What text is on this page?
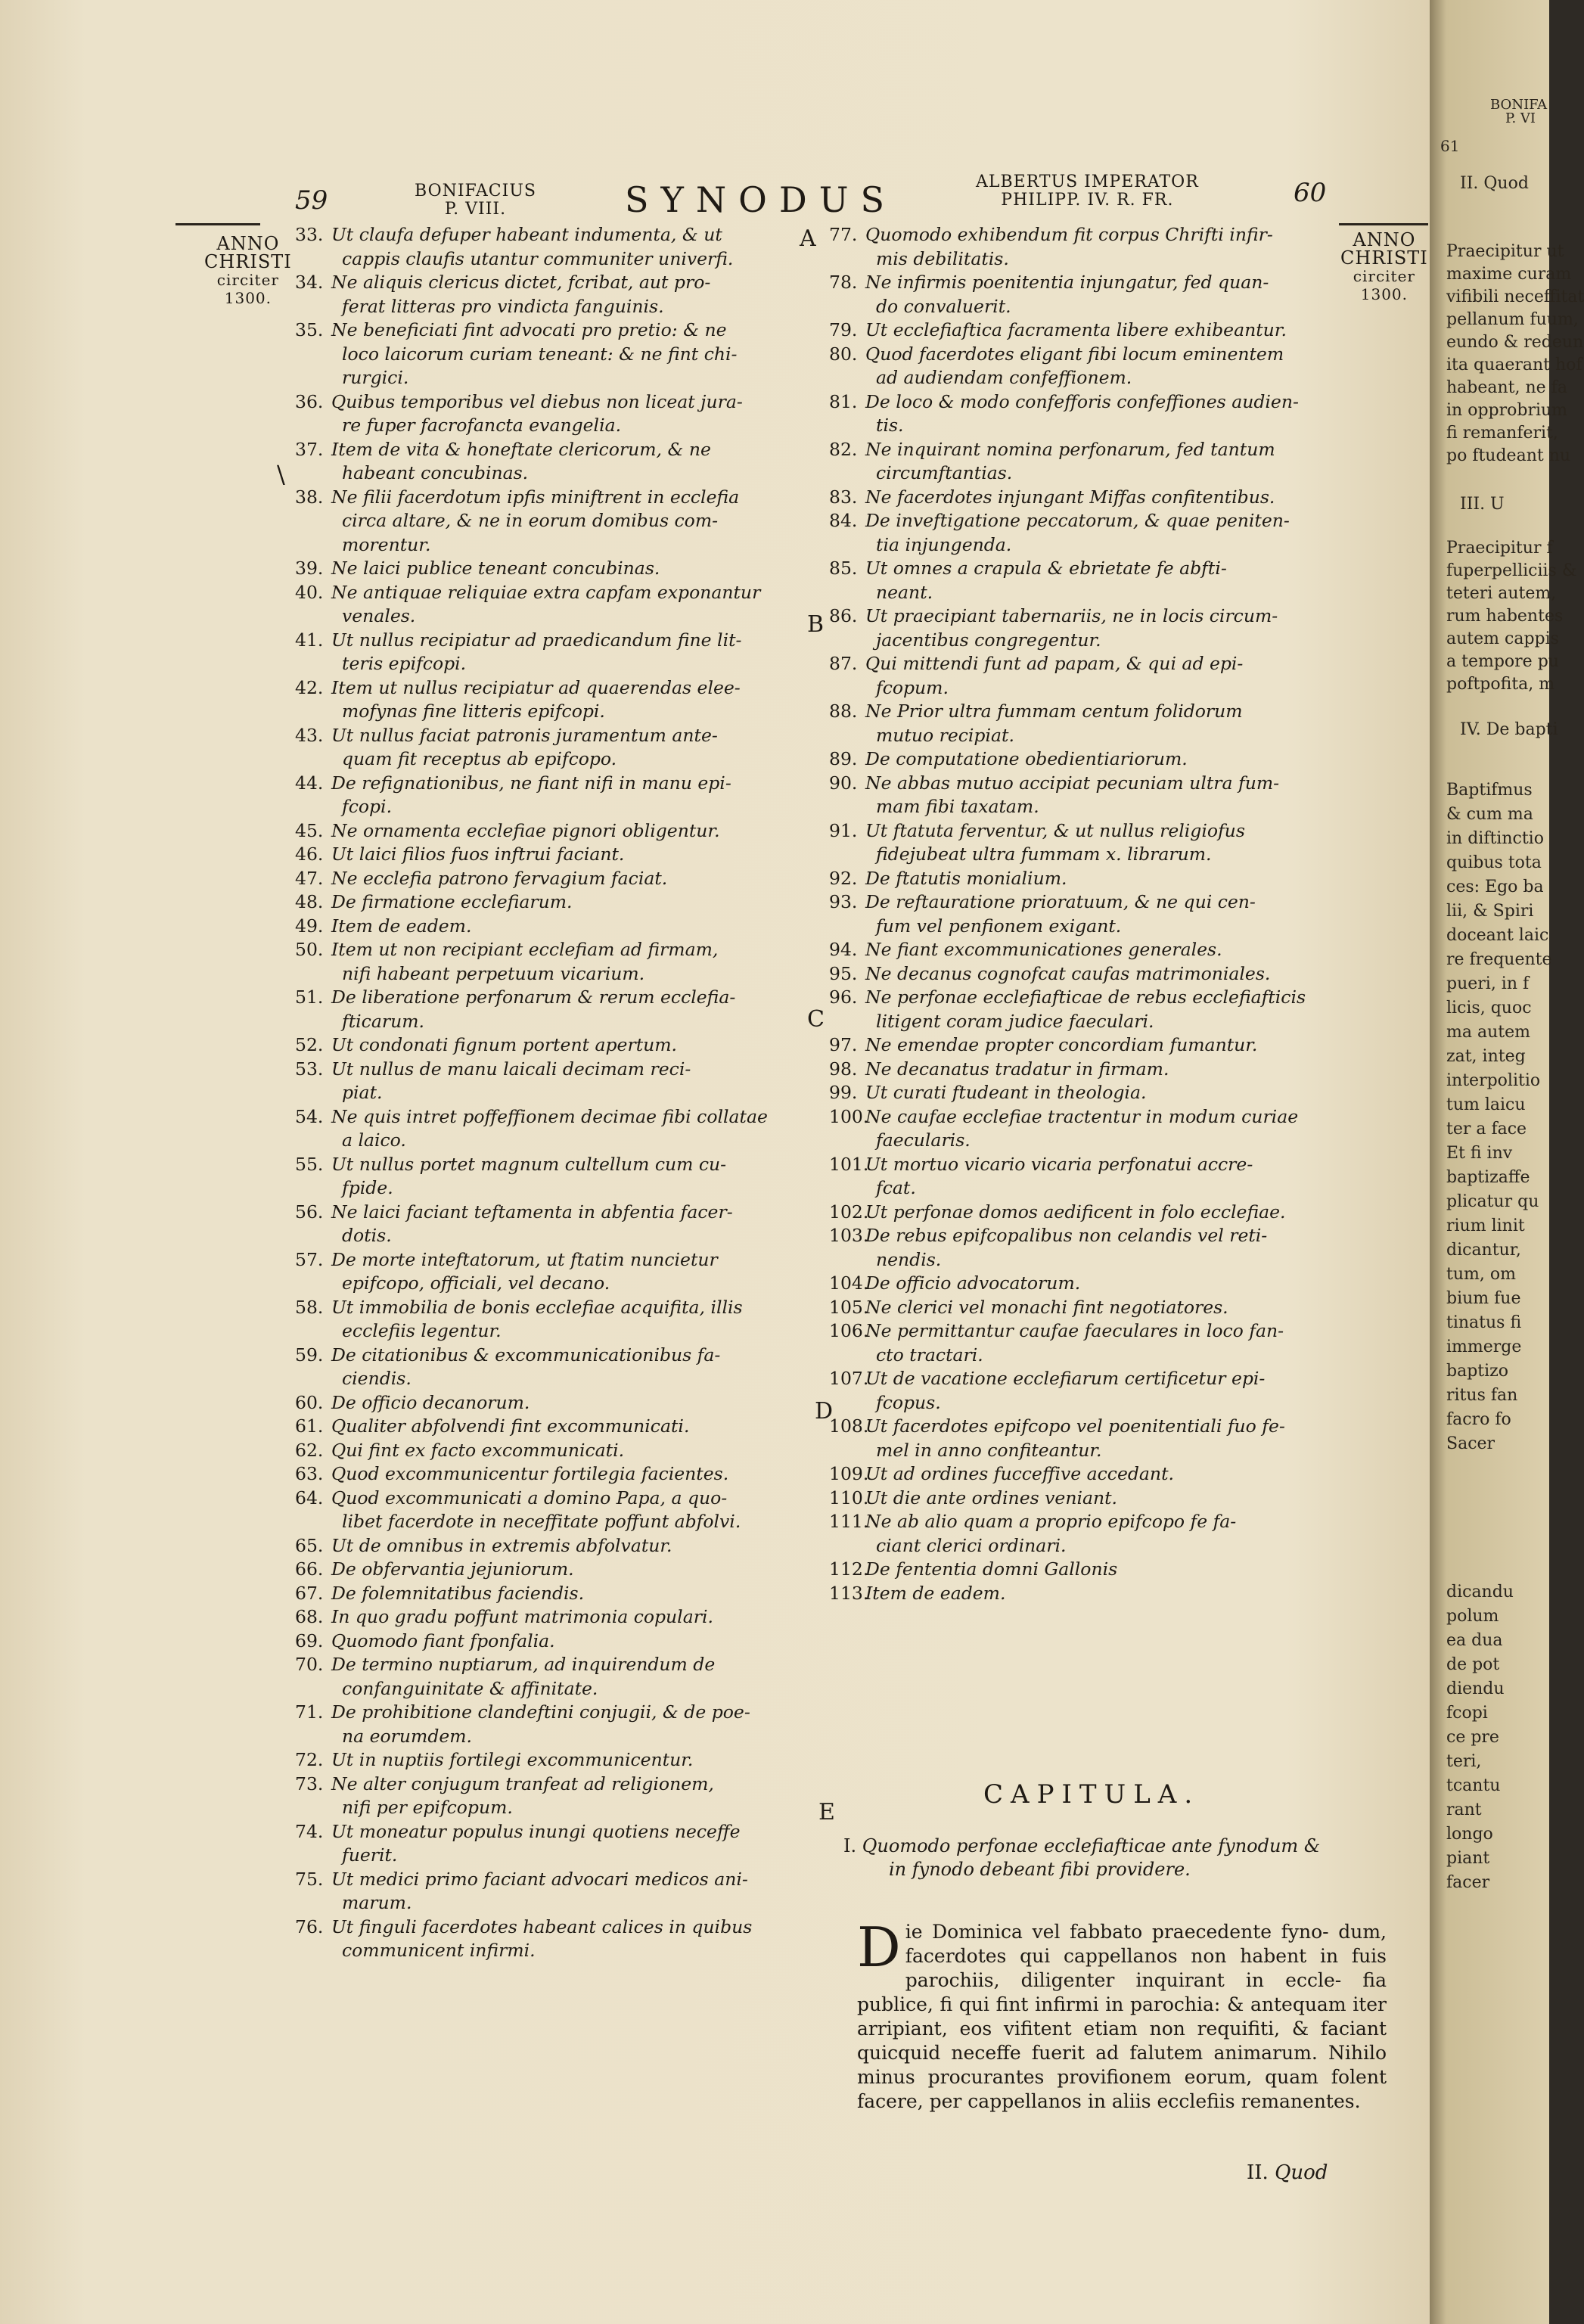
59	BONIFACIUS
P. VIII.	SYNODUS	ALBERTUS IMPERATOR
PHILIPP. IV. R. FR.	60
ANNO
CHRISTI
circiter
1300.
ANNO
CHRISTI
circiter
1300.
\
33. Ut claufa defuper habeant indumenta, & ut
cappis claufis utantur communiter univerfi.
34. Ne aliquis clericus dictet, fcribat, aut pro-
ferat litteras pro vindicta fanguinis.
35. Ne beneficiati fint advocati pro pretio: & ne
loco laicorum curiam teneant: & ne fint chi-
rurgici.
36. Quibus temporibus vel diebus non liceat jura-
re fuper facrofancta evangelia.
37. Item de vita & honeftate clericorum, & ne
habeant concubinas.
38. Ne filii facerdotum ipfis miniftrent in ecclefia
circa altare, & ne in eorum domibus com-
morentur.
39. Ne laici publice teneant concubinas.
40. Ne antiquae reliquiae extra capfam exponantur
venales.
41. Ut nullus recipiatur ad praedicandum fine lit-
teris epifcopi.
42. Item ut nullus recipiatur ad quaerendas elee-
mofynas fine litteris epifcopi.
43. Ut nullus faciat patronis juramentum ante-
quam fit receptus ab epifcopo.
44. De refignationibus, ne fiant nifi in manu epi-
fcopi.
45. Ne ornamenta ecclefiae pignori obligentur.
46. Ut laici filios fuos inftrui faciant.
47. Ne ecclefia patrono fervagium faciat.
48. De firmatione ecclefiarum.
49. Item de eadem.
50. Item ut non recipiant ecclefiam ad firmam,
nifi habeant perpetuum vicarium.
51. De liberatione perfonarum & rerum ecclefia-
fticarum.
52. Ut condonati fignum portent apertum.
53. Ut nullus de manu laicali decimam reci-
piat.
54. Ne quis intret poffeffionem decimae fibi collatae
a laico.
55. Ut nullus portet magnum cultellum cum cu-
fpide.
56. Ne laici faciant teftamenta in abfentia facer-
dotis.
57. De morte inteftatorum, ut ftatim nuncietur
epifcopo, officiali, vel decano.
58. Ut immobilia de bonis ecclefiae acquifita, illis
ecclefiis legentur.
59. De citationibus & excommunicationibus fa-
ciendis.
60. De officio decanorum.
61. Qualiter abfolvendi fint excommunicati.
62. Qui fint ex facto excommunicati.
63. Quod excommunicentur fortilegia facientes.
64. Quod excommunicati a domino Papa, a quo-
libet facerdote in neceffitate poffunt abfolvi.
65. Ut de omnibus in extremis abfolvatur.
66. De obfervantia jejuniorum.
67. De folemnitatibus faciendis.
68. In quo gradu poffunt matrimonia copulari.
69. Quomodo fiant fponfalia.
70. De termino nuptiarum, ad inquirendum de
confanguinitate & affinitate.
71. De prohibitione clandeftini conjugii, & de poe-
na eorumdem.
72. Ut in nuptiis fortilegi excommunicentur.
73. Ne alter conjugum tranfeat ad religionem,
nifi per epifcopum.
74. Ut moneatur populus inungi quotiens neceffe
fuerit.
75. Ut medici primo faciant advocari medicos ani-
marum.
76. Ut finguli facerdotes habeant calices in quibus
communicent infirmi.
77. Quomodo exhibendum fit corpus Chrifti infir-
mis debilitatis.
78. Ne infirmis poenitentia injungatur, fed quan-
do convaluerit.
79. Ut ecclefiaftica facramenta libere exhibeantur.
80. Quod facerdotes eligant fibi locum eminentem
ad audiendam confeffionem.
81. De loco & modo confefforis confeffiones audien-
tis.
82. Ne inquirant nomina perfonarum, fed tantum
circumftantias.
83. Ne facerdotes injungant Miffas confitentibus.
84. De inveftigatione peccatorum, & quae peniten-
tia injungenda.
85. Ut omnes a crapula & ebrietate fe abfti-
neant.
86. Ut praecipiant tabernariis, ne in locis circum-
jacentibus congregentur.
87. Qui mittendi funt ad papam, & qui ad epi-
fcopum.
88. Ne Prior ultra fummam centum folidorum
mutuo recipiat.
89. De computatione obedientiariorum.
90. Ne abbas mutuo accipiat pecuniam ultra fum-
mam fibi taxatam.
91. Ut ftatuta ferventur, & ut nullus religiofus
fidejubeat ultra fummam x. librarum.
92. De ftatutis monialium.
93. De reftauratione prioratuum, & ne qui cen-
fum vel penfionem exigant.
94. Ne fiant excommunicationes generales.
95. Ne decanus cognofcat caufas matrimoniales.
96. Ne perfonae ecclefiafticae de rebus ecclefiafticis
litigent coram judice faeculari.
97. Ne emendae propter concordiam fumantur.
98. Ne decanatus tradatur in firmam.
99. Ut curati ftudeant in theologia.
100.
Ne caufae ecclefiae tractentur in modum curiae
faecularis.
101.
Ut mortuo vicario vicaria perfonatui accre-
fcat.
102.
Ut perfonae domos aedificent in folo ecclefiae.
103.
De rebus epifcopalibus non celandis vel reti-
nendis.
104.
De officio advocatorum.
105.
Ne clerici vel monachi fint negotiatores.
106.
Ne permittantur caufae faeculares in loco fan-
cto tractari.
107.
Ut de vacatione ecclefiarum certificetur epi-
fcopus.
108.
Ut facerdotes epifcopo vel poenitentiali fuo fe-
mel in anno confiteantur.
109.
Ut ad ordines fucceffive accedant.
110.
Ut die ante ordines veniant.
111.
Ne ab alio quam a proprio epifcopo fe fa-
ciant clerici ordinari.
112.
De fententia domni Gallonis
113.
Item de eadem.
A
B
C
D
E
CAPITULA.
I. Quomodo perfonae ecclefiafticae ante fynodum &
in fynodo debeant fibi providere.
D ie Dominica vel fabbato praecedente fyno- dum, facerdotes qui cappellanos non habent in fuis parochiis, diligenter inquirant in eccle- fia publice, fi qui fint infirmi in parochia: & antequam iter arripiant, eos vifitent etiam non requifiti, & faciant quicquid neceffe fuerit ad falutem animarum. Nihilo minus procurantes provifionem eorum, quam folent facere, per cappellanos in aliis ecclefiis remanentes.
II. Quod
BONIFA
P. VI
61
II. Quod
Praecipitur ut
maxime curam
vifibili neceffitat
pellanum fuum,
eundo & redeun
ita quaerant hof
habeant, ne fa
in opprobrium
fi remanferit,
po ftudeant nu
III. U
Praecipitur f
fuperpelliciis &
teteri autem,
rum habentes
autem cappis
a tempore pu
poftpofita, m
IV. De bapti
Baptifmus
& cum ma
in diftinctio
quibus tota
ces: Ego ba
lii, & Spiri
doceant laic
re frequente
pueri, in f
licis, quoc
ma autem
zat, integ
interpolitio
tum laicu
ter a face
Et fi inv
baptizaffe
plicatur qu
rium linit
dicantur,
tum, om
bium fue
tinatus fi
immerge
baptizo
ritus fan
facro fo
Sacer
dicandu
polum
ea dua
de pot
diendu
fcopi
ce pre
teri,
tcantu
rant
longo
piant
facer
